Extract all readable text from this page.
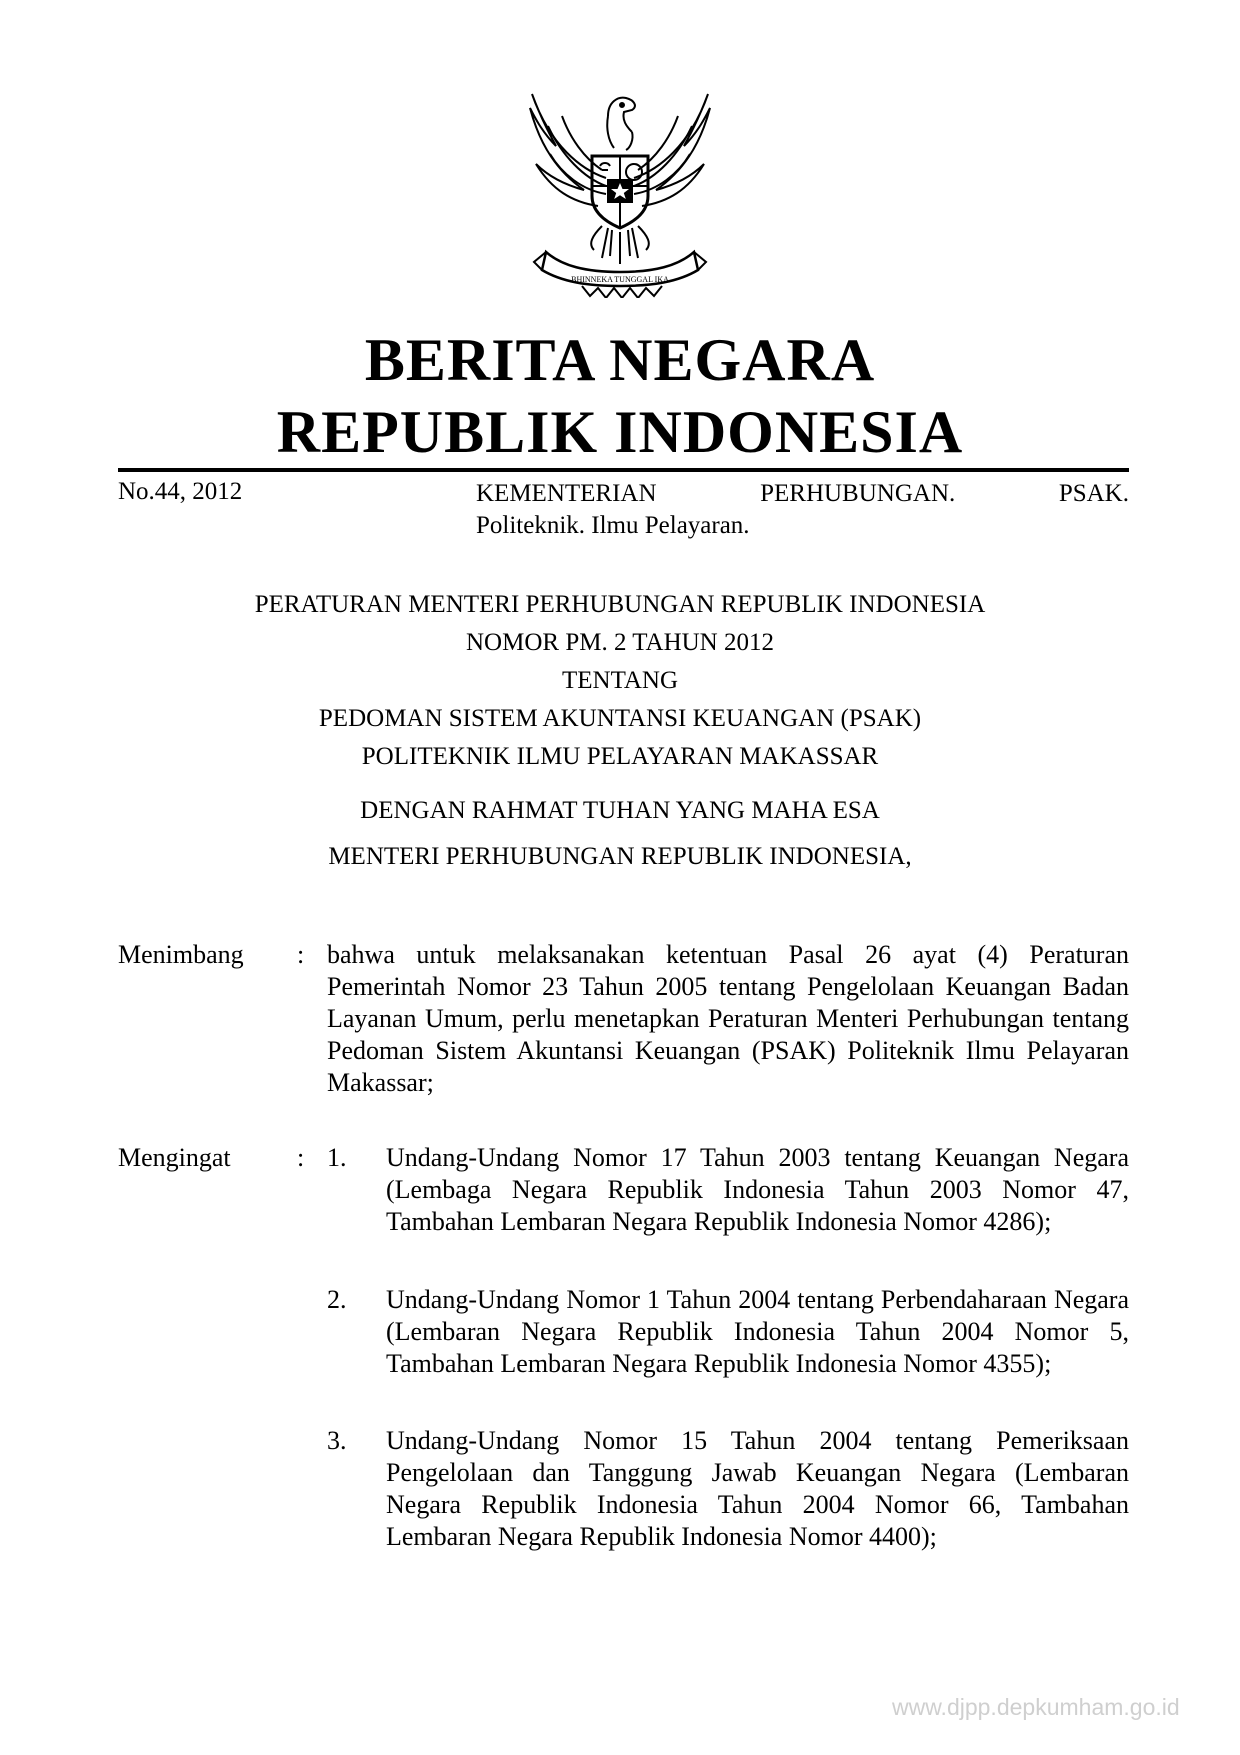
BHINNEKA TUNGGAL IKA
BERITA NEGARA
REPUBLIK INDONESIA
No.44, 2012	KEMENTERIAN PERHUBUNGAN. PSAK.
Politeknik. Ilmu Pelayaran.
PERATURAN MENTERI PERHUBUNGAN REPUBLIK INDONESIA
NOMOR PM. 2 TAHUN 2012
TENTANG
PEDOMAN SISTEM AKUNTANSI KEUANGAN (PSAK)
POLITEKNIK ILMU PELAYARAN MAKASSAR
DENGAN RAHMAT TUHAN YANG MAHA ESA
MENTERI PERHUBUNGAN REPUBLIK INDONESIA,
Menimbang : bahwa untuk melaksanakan ketentuan Pasal 26 ayat (4) Peraturan Pemerintah Nomor 23 Tahun 2005 tentang Pengelolaan Keuangan Badan Layanan Umum, perlu menetapkan Peraturan Menteri Perhubungan tentang Pedoman Sistem Akuntansi Keuangan (PSAK) Politeknik Ilmu Pelayaran Makassar;
Mengingat	: 1. Undang-Undang Nomor 17 Tahun 2003 tentang Keuangan Negara (Lembaga Negara Republik Indonesia Tahun 2003 Nomor 47, Tambahan Lembaran Negara Republik Indonesia Nomor 4286);
2. Undang-Undang Nomor 1 Tahun 2004 tentang Perbendaharaan Negara (Lembaran Negara Republik Indonesia Tahun 2004 Nomor 5, Tambahan Lembaran Negara Republik Indonesia Nomor 4355);
3. Undang-Undang Nomor 15 Tahun 2004 tentang Pemeriksaan Pengelolaan dan Tanggung Jawab Keuangan Negara (Lembaran Negara Republik Indonesia Tahun 2004 Nomor 66, Tambahan Lembaran Negara Republik Indonesia Nomor 4400);
www.djpp.depkumham.go.id
